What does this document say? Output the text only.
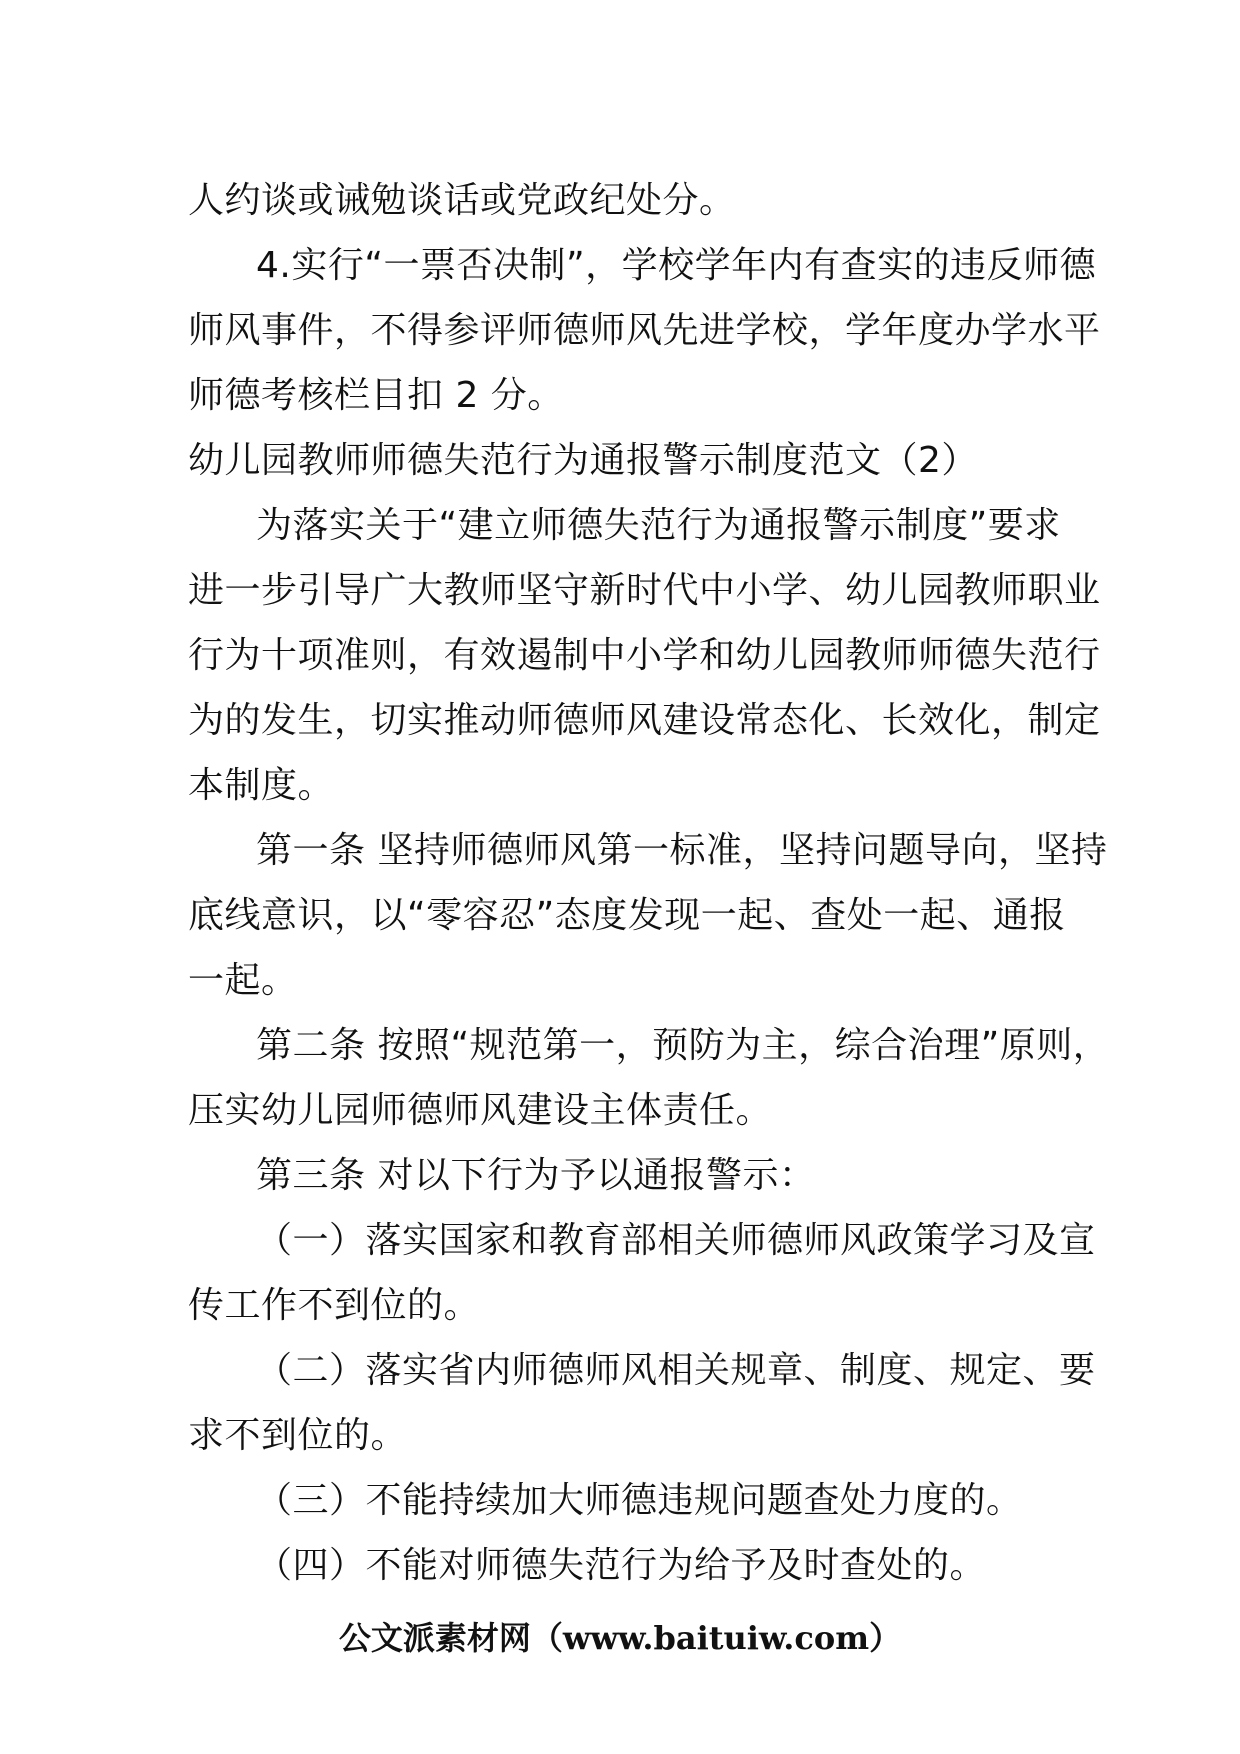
人约谈或诫勉谈话或党政纪处分。
4.实行“一票否决制”，学校学年内有查实的违反师德
师风事件，不得参评师德师风先进学校，学年度办学水平
师德考核栏目扣 2 分。
幼儿园教师师德失范行为通报警示制度范文（2）
为落实关于“建立师德失范行为通报警示制度”要求
进一步引导广大教师坚守新时代中小学、幼儿园教师职业
行为十项准则，有效遏制中小学和幼儿园教师师德失范行
为的发生，切实推动师德师风建设常态化、长效化，制定
本制度。
第一条 坚持师德师风第一标准，坚持问题导向，坚持
底线意识，以“零容忍”态度发现一起、查处一起、通报
一起。
第二条 按照“规范第一，预防为主，综合治理”原则，
压实幼儿园师德师风建设主体责任。
第三条 对以下行为予以通报警示：
（一）落实国家和教育部相关师德师风政策学习及宣
传工作不到位的。
（二）落实省内师德师风相关规章、制度、规定、要
求不到位的。
（三）不能持续加大师德违规问题查处力度的。
（四）不能对师德失范行为给予及时查处的。
公文派素材网（www.baituiw.com）
